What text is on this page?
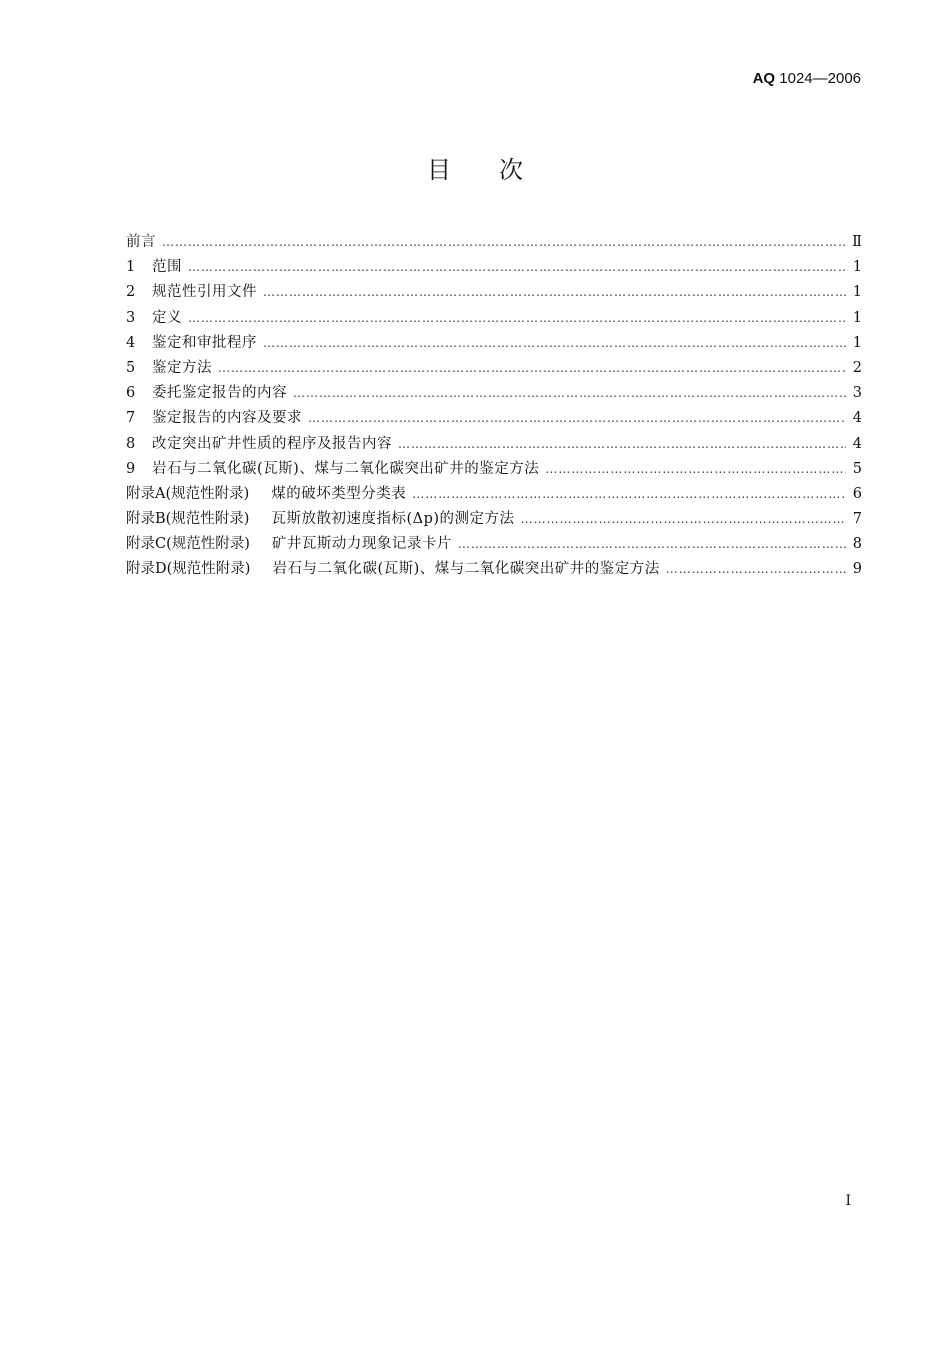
AQ 1024—2006
目 次
前言 …………………………………………………………………………………………………………………………………………………………………………………………………………………………	Ⅱ
1	范围 …………………………………………………………………………………………………………………………………………………………………………………………………………………………	1
2	规范性引用文件 …………………………………………………………………………………………………………………………………………………………………………………………………………………………	1
3	定义 …………………………………………………………………………………………………………………………………………………………………………………………………………………………	1
4	鉴定和审批程序 …………………………………………………………………………………………………………………………………………………………………………………………………………………………	1
5	鉴定方法 …………………………………………………………………………………………………………………………………………………………………………………………………………………………	2
6	委托鉴定报告的内容 …………………………………………………………………………………………………………………………………………………………………………………………………………………………	3
7	鉴定报告的内容及要求 …………………………………………………………………………………………………………………………………………………………………………………………………………………………	4
8	改定突出矿井性质的程序及报告内容 …………………………………………………………………………………………………………………………………………………………………………………………………………………………	4
9	岩石与二氧化碳(瓦斯)、煤与二氧化碳突出矿井的鉴定方法 …………………………………………………………………………………………………………………………………………………………………………………………………………………………	5
附录A(规范性附录) 煤的破坏类型分类表 …………………………………………………………………………………………………………………………………………………………………………………………………………………………	6
附录B(规范性附录) 瓦斯放散初速度指标(Δp)的测定方法 …………………………………………………………………………………………………………………………………………………………………………………………………………………………	7
附录C(规范性附录) 矿井瓦斯动力现象记录卡片 …………………………………………………………………………………………………………………………………………………………………………………………………………………………	8
附录D(规范性附录) 岩石与二氧化碳(瓦斯)、煤与二氧化碳突出矿井的鉴定方法 …………………………………………………………………………………………………………………………………………………………………………………………………………………………	9
Ⅰ
